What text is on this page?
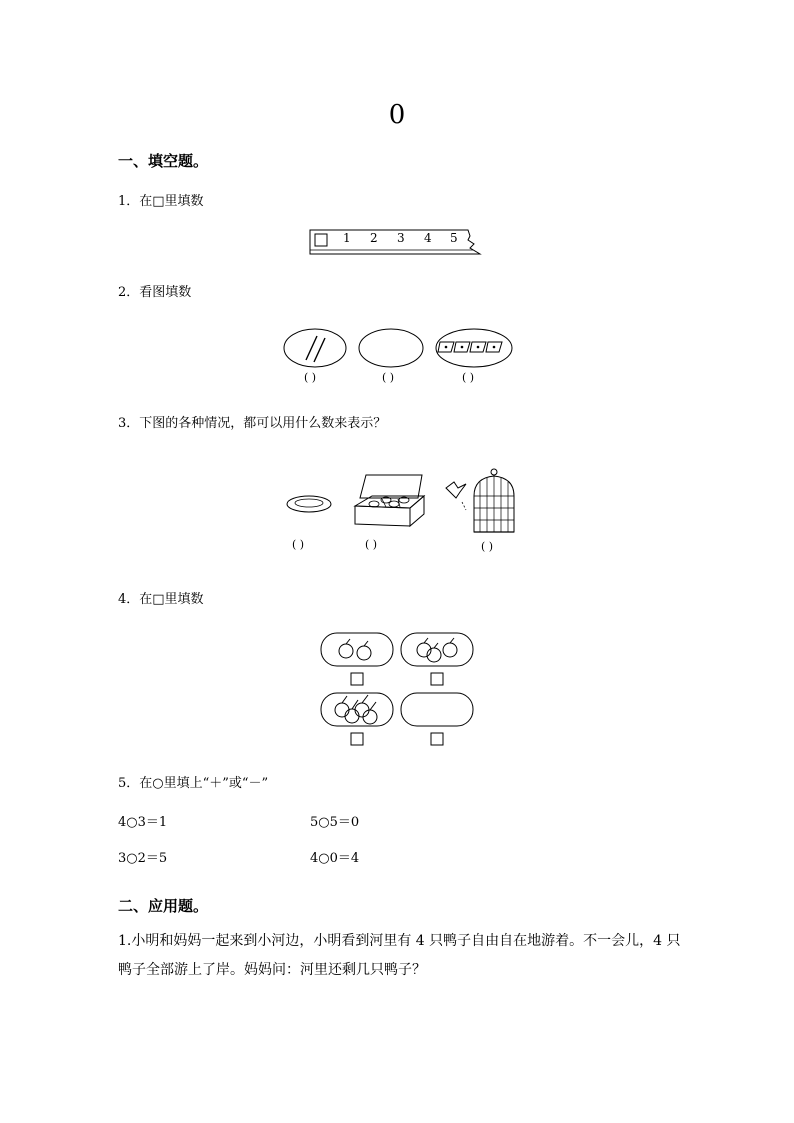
0
一、填空题。
1．在□里填数
1 2 3 4 5
2．看图填数
( )	( )	( )
3．下图的各种情况，都可以用什么数来表示？
( )	( )	( )
4．在□里填数
5．在○里填上“＋”或“－”
4○3＝1	5○5＝0
3○2＝5	4○0＝4
二、应用题。
1.小明和妈妈一起来到小河边，小明看到河里有 4 只鸭子自由自在地游着。不一会儿，4 只鸭子全部游上了岸。妈妈问：河里还剩几只鸭子？
